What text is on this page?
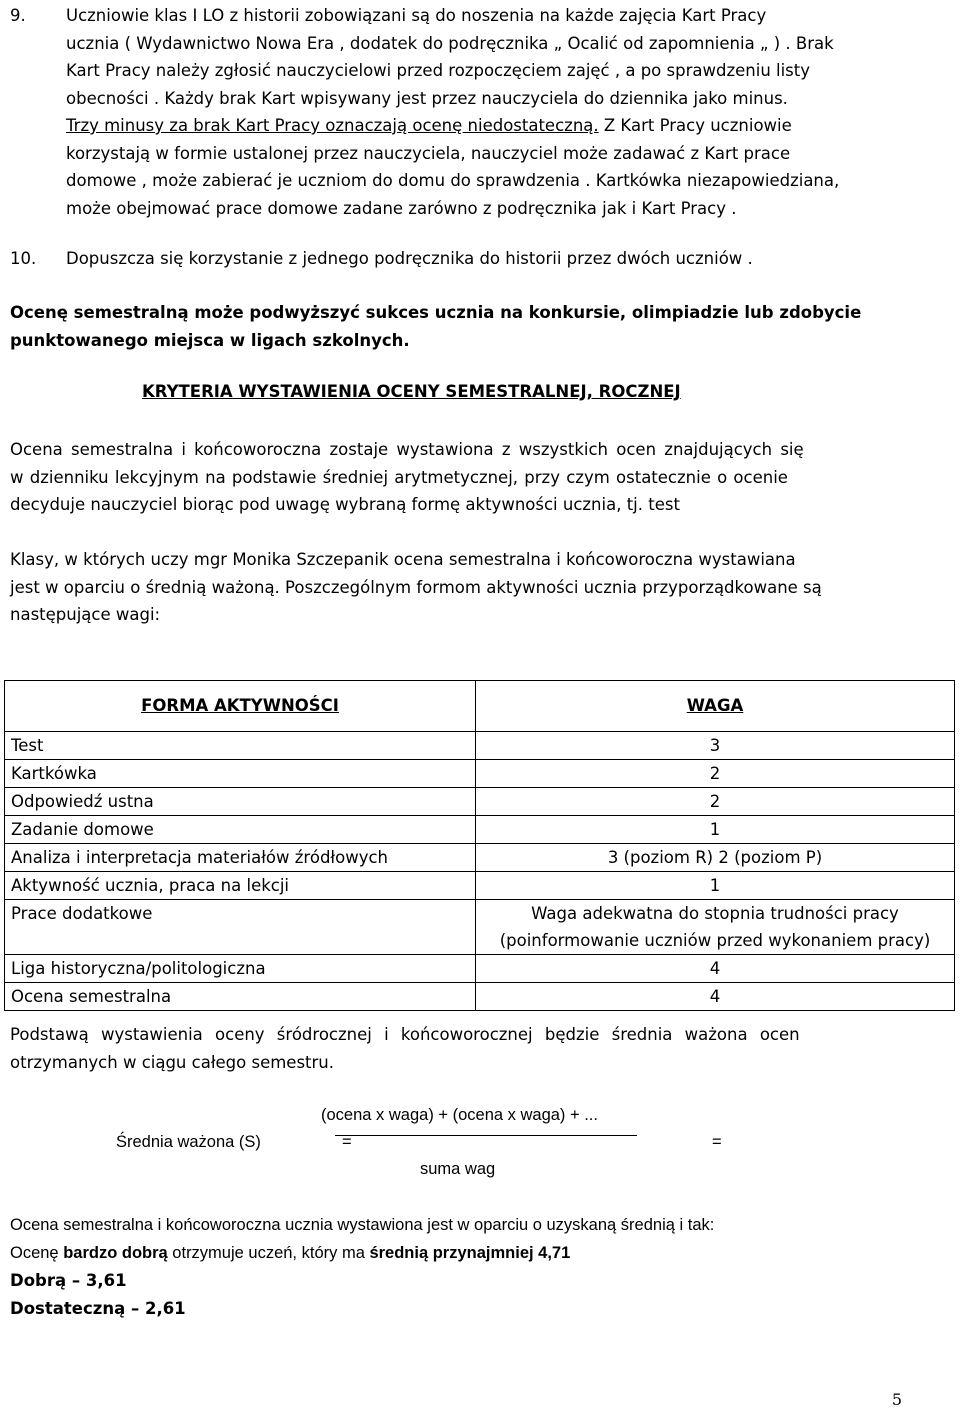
9. Uczniowie klas I LO z historii zobowiązani są do noszenia na każde zajęcia Kart Pracy

ucznia ( Wydawnictwo Nowa Era , dodatek do podręcznika „ Ocalić od zapomnienia „ ) . Brak

Kart Pracy należy zgłosić nauczycielowi przed rozpoczęciem zajęć , a po sprawdzeniu listy

obecności . Każdy brak Kart wpisywany jest przez nauczyciela do dziennika jako minus.

Trzy minusy za brak Kart Pracy oznaczają ocenę niedostateczną. Z Kart Pracy uczniowie

korzystają w formie ustalonej przez nauczyciela, nauczyciel może zadawać z Kart prace

domowe , może zabierać je uczniom do domu do sprawdzenia . Kartkówka niezapowiedziana,

może obejmować prace domowe zadane zarówno z podręcznika jak i Kart Pracy .

10. Dopuszcza się korzystanie z jednego podręcznika do historii przez dwóch uczniów .

Ocenę semestralną może podwyższyć sukces ucznia na konkursie, olimpiadzie lub zdobycie

punktowanego miejsca w ligach szkolnych.

KRYTERIA WYSTAWIENIA OCENY SEMESTRALNEJ, ROCZNEJ

Ocena semestralna i końcoworoczna zostaje wystawiona z wszystkich ocen znajdujących się

w dzienniku lekcyjnym na podstawie średniej arytmetycznej, przy czym ostatecznie o ocenie

decyduje nauczyciel biorąc pod uwagę wybraną formę aktywności ucznia, tj. test

Klasy, w których uczy mgr Monika Szczepanik ocena semestralna i końcoworoczna wystawiana

jest w oparciu o średnią ważoną. Poszczególnym formom aktywności ucznia przyporządkowane są

następujące wagi:

FORMA AKTYWNOŚCI	WAGA
Test	3
Kartkówka	2
Odpowiedź ustna	2
Zadanie domowe	1
Analiza i interpretacja materiałów źródłowych	3 (poziom R) 2 (poziom P)
Aktywność ucznia, praca na lekcji	1
Prace dodatkowe	Waga adekwatna do stopnia trudności pracy
(poinformowanie uczniów przed wykonaniem pracy)

Liga historyczna/politologiczna	4
Ocena semestralna	4

Podstawą wystawienia oceny śródrocznej i końcoworocznej będzie średnia ważona ocen

otrzymanych w ciągu całego semestru.

(ocena x waga) + (ocena x waga) + ...
Średnia ważona (S)	=	=
suma wag

Ocena semestralna i końcoworoczna ucznia wystawiona jest w oparciu o uzyskaną średnią i tak:

Ocenę bardzo dobrą otrzymuje uczeń, który ma średnią przynajmniej 4,71

Dobrą – 3,61

Dostateczną – 2,61

5
